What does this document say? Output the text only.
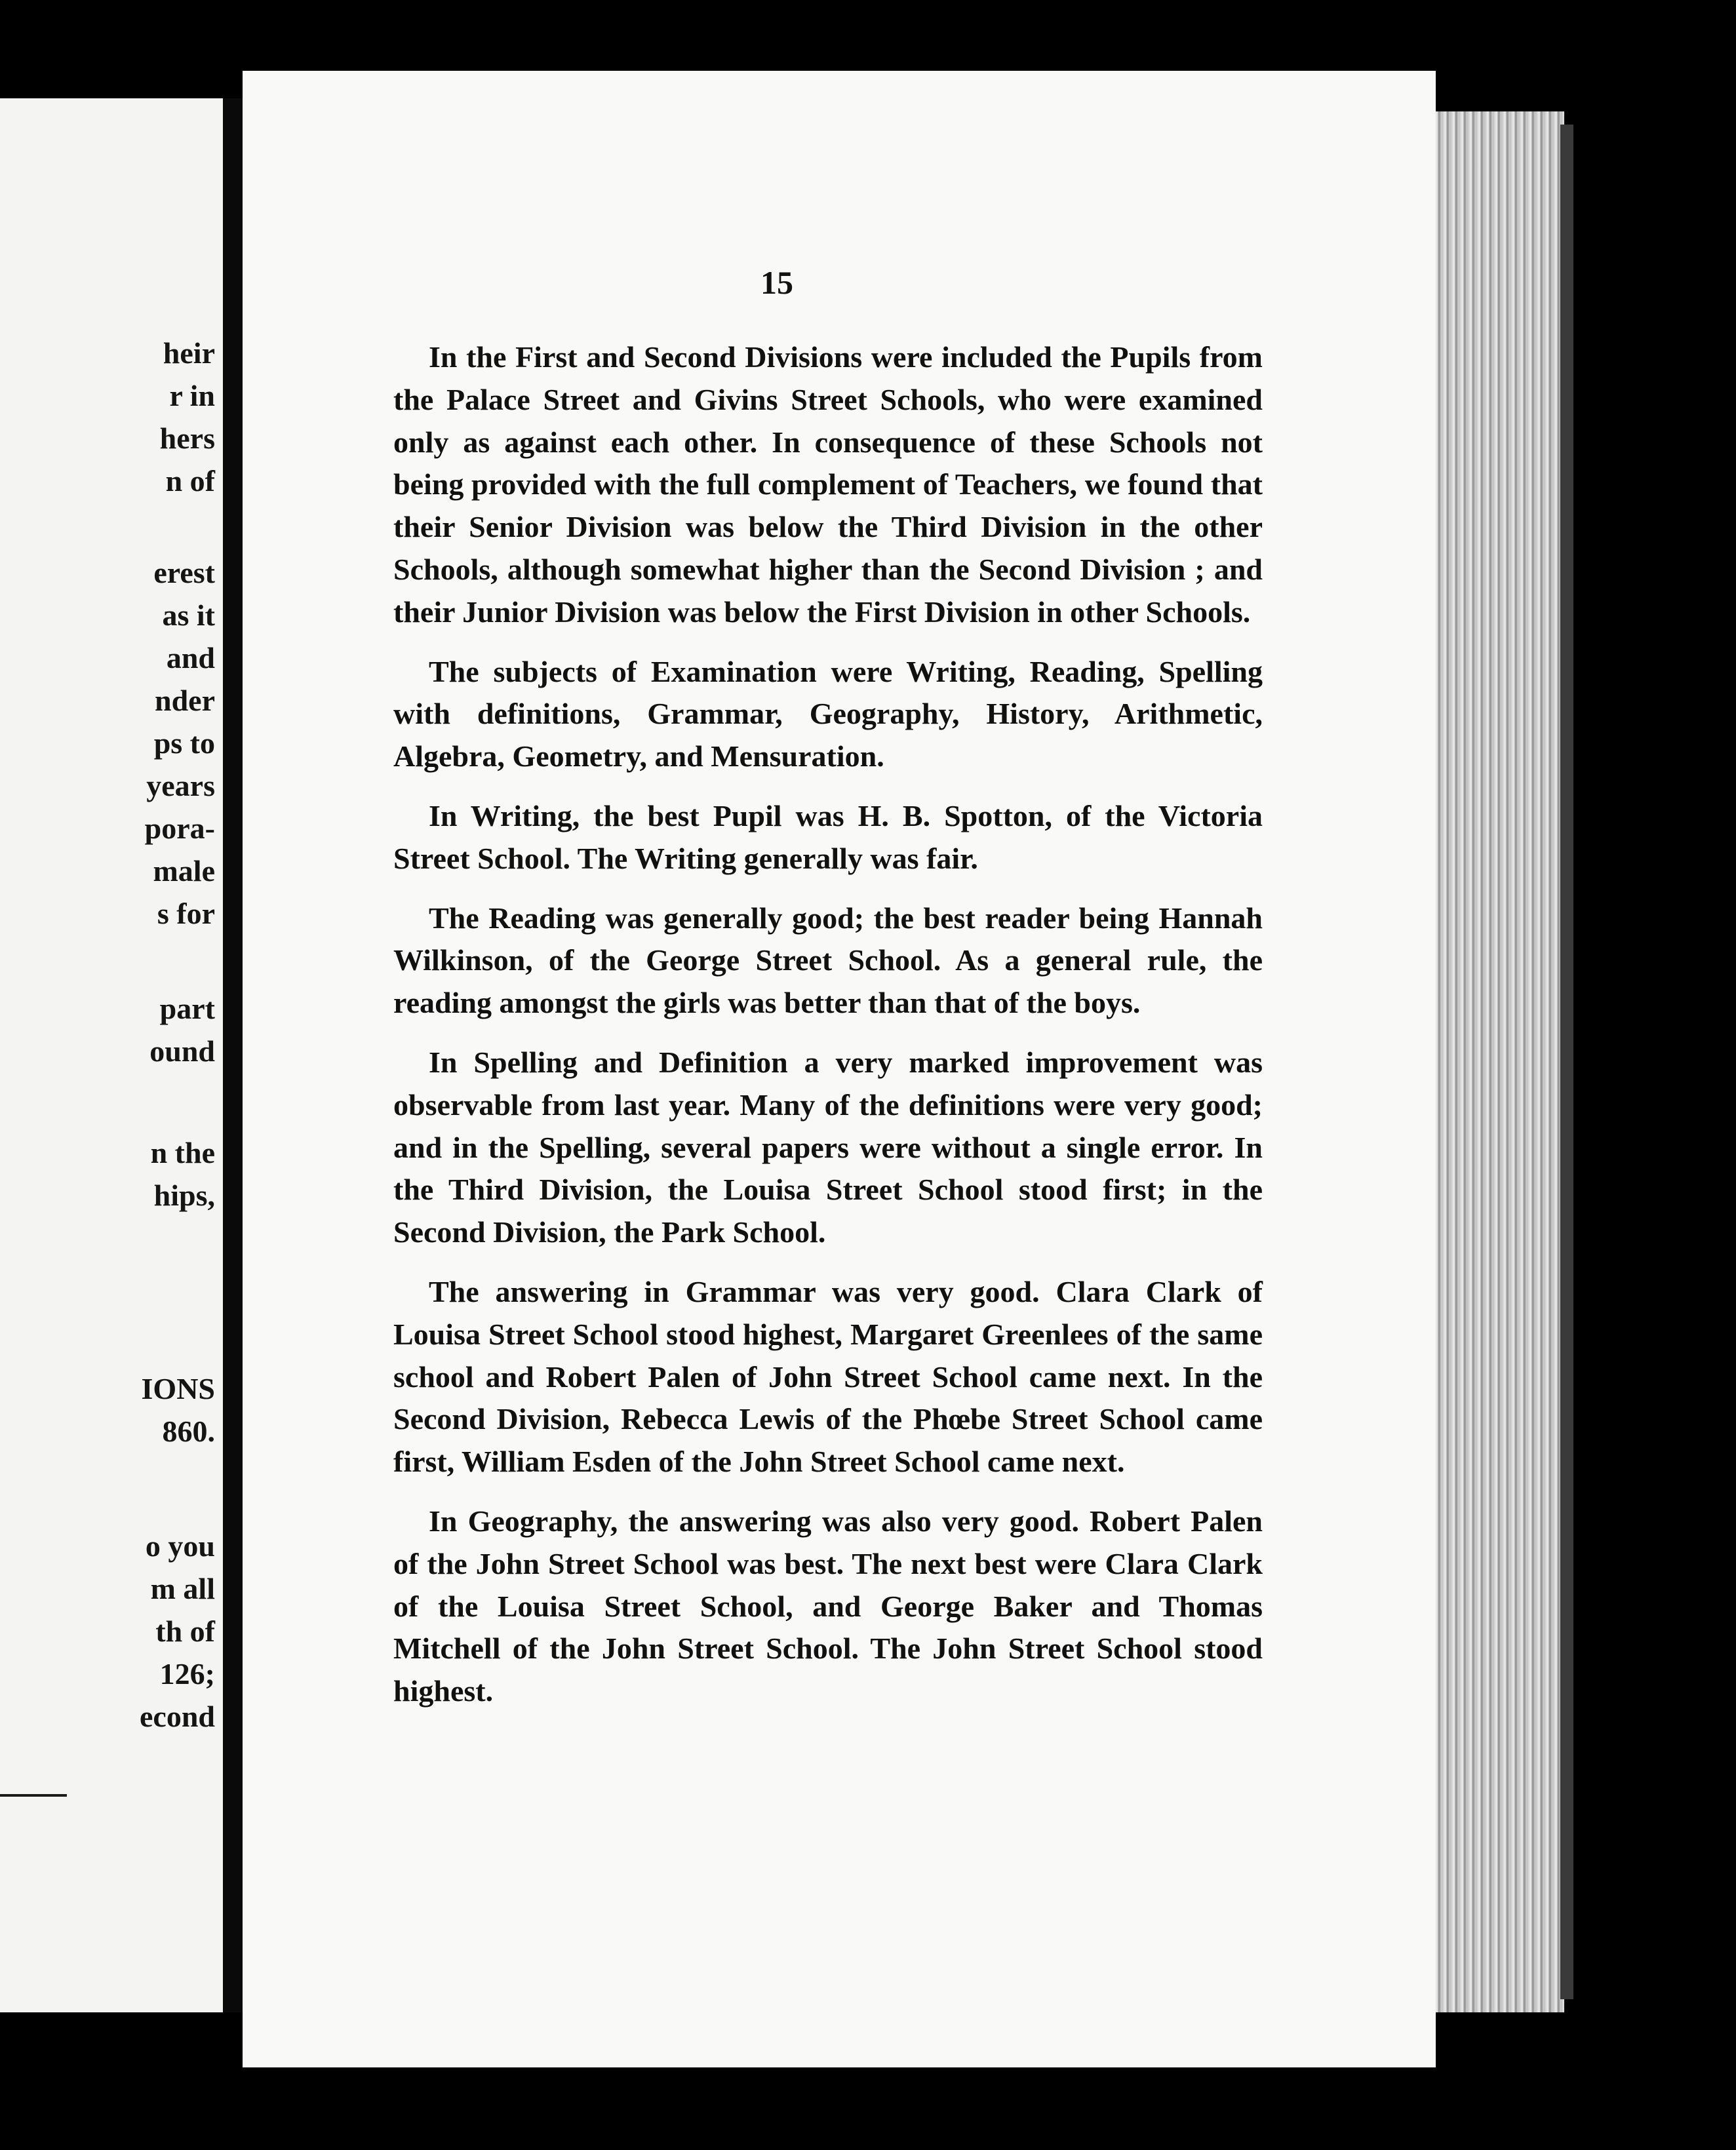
heir
r in
hers
n of
erest
as it
and
nder
ps to
years
pora-
male
s for
part
ound
n the
hips,
IONS
860.
o you
m all
th of
126;
econd
15

In the First and Second Divisions were included the Pupils from the Palace Street and Givins Street Schools, who were examined only as against each other. In consequence of these Schools not being provided with the full complement of Teachers, we found that their Senior Division was below the Third Division in the other Schools, although somewhat higher than the Second Division ; and their Junior Division was below the First Division in other Schools.

The subjects of Examination were Writing, Reading, Spelling with definitions, Grammar, Geography, History, Arithmetic, Algebra, Geometry, and Mensuration.

In Writing, the best Pupil was H. B. Spotton, of the Victoria Street School. The Writing generally was fair.

The Reading was generally good; the best reader being Hannah Wilkinson, of the George Street School. As a general rule, the reading amongst the girls was better than that of the boys.

In Spelling and Definition a very marked improvement was observable from last year. Many of the definitions were very good; and in the Spelling, several papers were without a single error. In the Third Division, the Louisa Street School stood first; in the Second Division, the Park School.

The answering in Grammar was very good. Clara Clark of Louisa Street School stood highest, Margaret Greenlees of the same school and Robert Palen of John Street School came next. In the Second Division, Rebecca Lewis of the Phœbe Street School came first, William Esden of the John Street School came next.

In Geography, the answering was also very good. Robert Palen of the John Street School was best. The next best were Clara Clark of the Louisa Street School, and George Baker and Thomas Mitchell of the John Street School. The John Street School stood highest.
